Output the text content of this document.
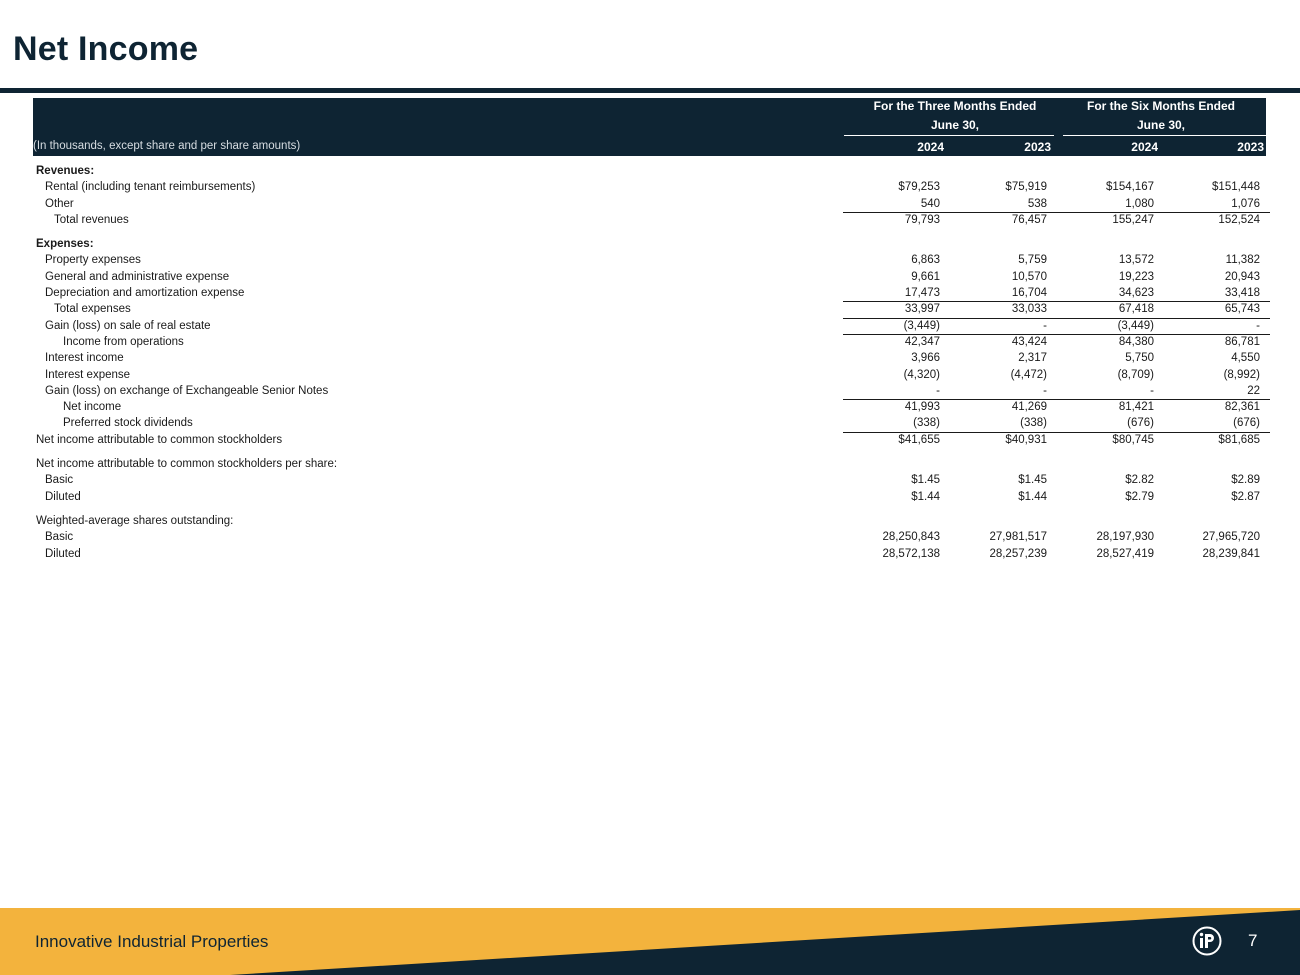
Net Income
For the Three Months Ended
June 30,
For the Six Months Ended
June 30,
(In thousands, except share and per share amounts)	2024	2023	2024	2023
Revenues:
Rental (including tenant reimbursements)	$79,253	$75,919	$154,167	$151,448
Other	540	538	1,080	1,076
Total revenues	79,793	76,457	155,247	152,524
Expenses:
Property expenses	6,863	5,759	13,572	11,382
General and administrative expense	9,661	10,570	19,223	20,943
Depreciation and amortization expense	17,473	16,704	34,623	33,418
Total expenses	33,997	33,033	67,418	65,743
Gain (loss) on sale of real estate	(3,449)	-	(3,449)	-
Income from operations	42,347	43,424	84,380	86,781
Interest income	3,966	2,317	5,750	4,550
Interest expense	(4,320)	(4,472)	(8,709)	(8,992)
Gain (loss) on exchange of Exchangeable Senior Notes	-	-	-	22
Net income	41,993	41,269	81,421	82,361
Preferred stock dividends	(338)	(338)	(676)	(676)
Net income attributable to common stockholders	$41,655	$40,931	$80,745	$81,685
Net income attributable to common stockholders per share:
Basic	$1.45	$1.45	$2.82	$2.89
Diluted	$1.44	$1.44	$2.79	$2.87
Weighted-average shares outstanding:
Basic	28,250,843	27,981,517	28,197,930	27,965,720
Diluted	28,572,138	28,257,239	28,527,419	28,239,841
Innovative Industrial Properties	7
